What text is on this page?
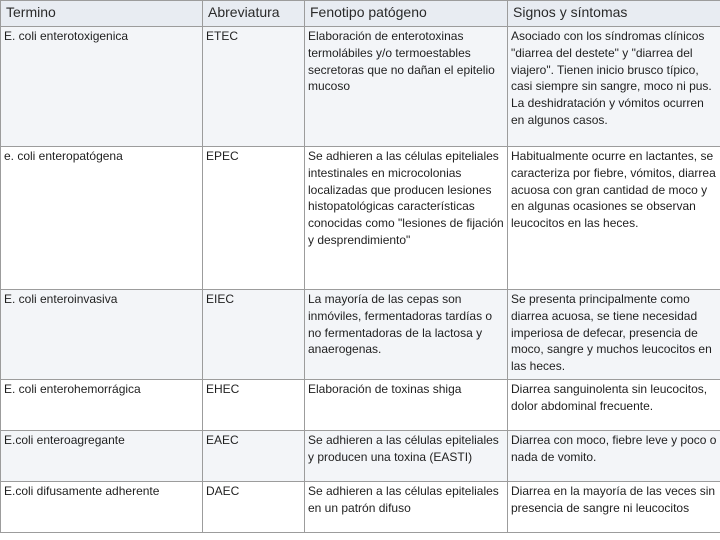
Termino	Abreviatura	Fenotipo patógeno	Signos y síntomas
E. coli enterotoxigenica	ETEC	Elaboración de enterotoxinas termolábiles y/o termoestables secretoras que no dañan el epitelio mucoso	Asociado con los síndromas clínicos "diarrea del destete" y "diarrea del viajero". Tienen inicio brusco típico, casi siempre sin sangre, moco ni pus. La deshidratación y vómitos ocurren en algunos casos.
e. coli enteropatógena	EPEC	Se adhieren a las células epiteliales intestinales en microcolonias localizadas que producen lesiones histopatológicas características conocidas como "lesiones de fijación y desprendimiento"	Habitualmente ocurre en lactantes, se caracteriza por fiebre, vómitos, diarrea acuosa con gran cantidad de moco y en algunas ocasiones se observan leucocitos en las heces.
E. coli enteroinvasiva	EIEC	La mayoría de las cepas son inmóviles, fermentadoras tardías o no fermentadoras de la lactosa y anaerogenas.	Se presenta principalmente como diarrea acuosa, se tiene necesidad imperiosa de defecar, presencia de moco, sangre y muchos leucocitos en las heces.
E. coli enterohemorrágica	EHEC	Elaboración de toxinas shiga	Diarrea sanguinolenta sin leucocitos, dolor abdominal frecuente.
E.coli enteroagregante	EAEC	Se adhieren a las células epiteliales y producen una toxina (EASTI)	Diarrea con moco, fiebre leve y poco o nada de vomito.
E.coli difusamente adherente	DAEC	Se adhieren a las células epiteliales en un patrón difuso	Diarrea en la mayoría de las veces sin presencia de sangre ni leucocitos
